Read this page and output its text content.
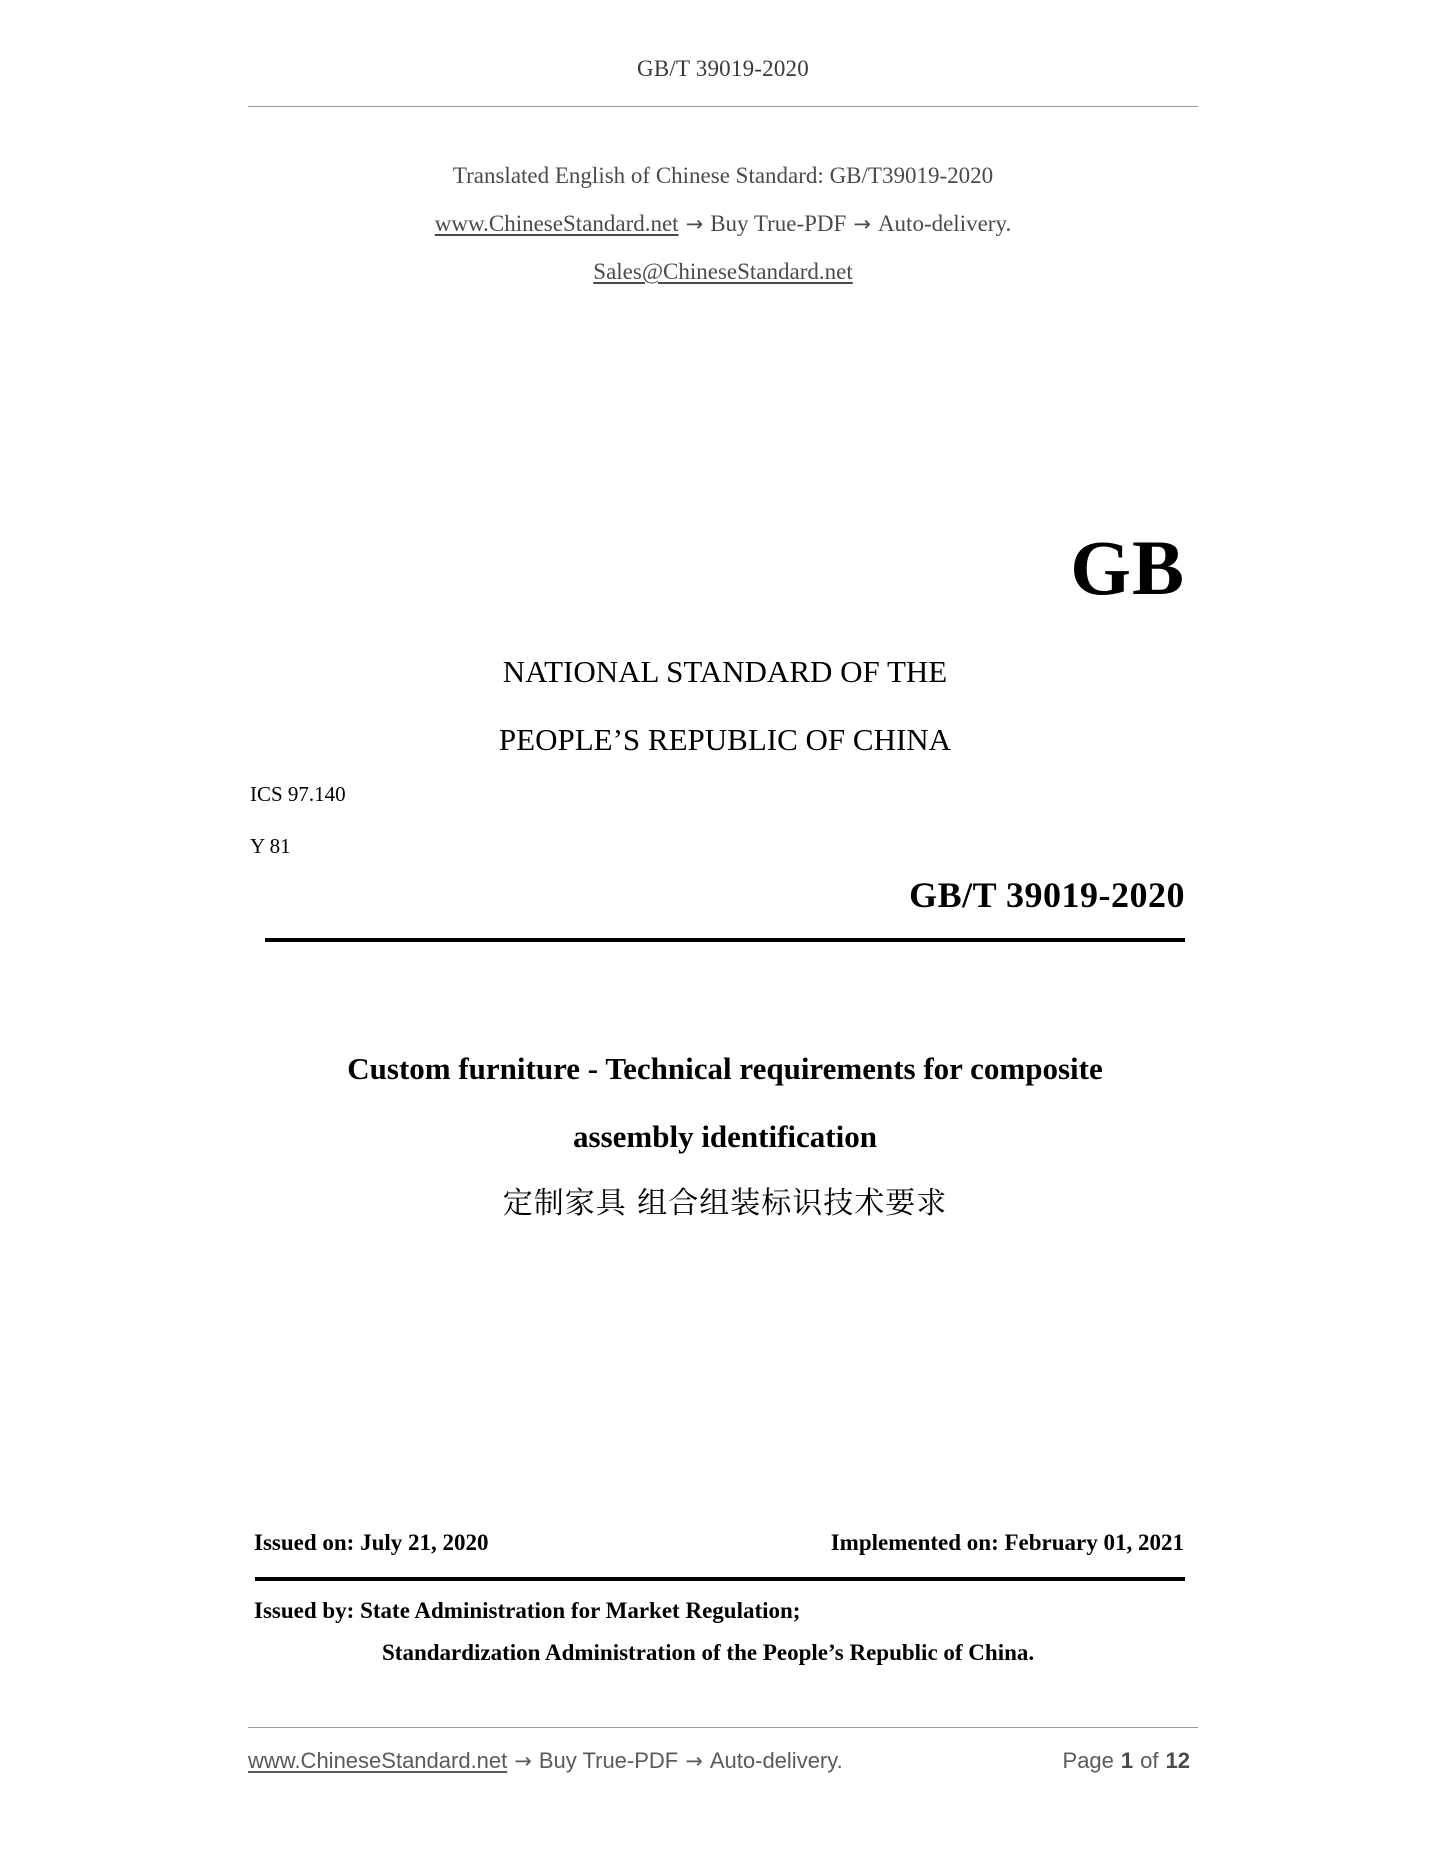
GB/T 39019-2020
Translated English of Chinese Standard: GB/T39019-2020
www.ChineseStandard.net → Buy True-PDF → Auto-delivery.
Sales@ChineseStandard.net
GB
NATIONAL STANDARD OF THE
PEOPLE’S REPUBLIC OF CHINA
ICS 97.140
Y 81
GB/T 39019-2020
Custom furniture - Technical requirements for composite
assembly identification
定制家具 组合组装标识技术要求
Issued on: July 21, 2020	Implemented on: February 01, 2021
Issued by: State Administration for Market Regulation;
Standardization Administration of the People’s Republic of China.
www.ChineseStandard.net → Buy True-PDF → Auto-delivery.	Page 1 of 12
